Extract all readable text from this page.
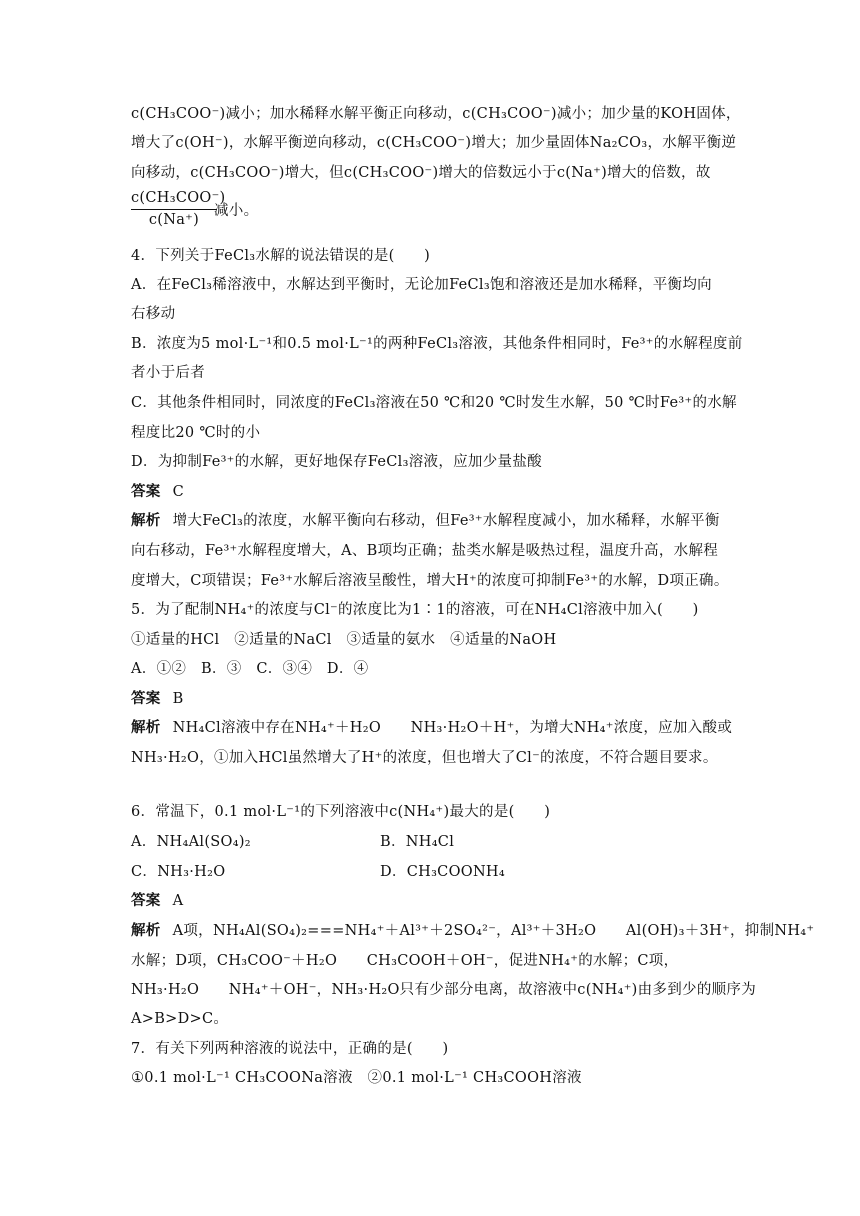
c(CH₃COO⁻)减小；加水稀释水解平衡正向移动，c(CH₃COO⁻)减小；加少量的KOH固体，
增大了c(OH⁻)，水解平衡逆向移动，c(CH₃COO⁻)增大；加少量固体Na₂CO₃，水解平衡逆
向移动，c(CH₃COO⁻)增大，但c(CH₃COO⁻)增大的倍数远小于c(Na⁺)增大的倍数，故
c(CH₃COO⁻)
c(Na⁺)
减小。
4．下列关于FeCl₃水解的说法错误的是(　　)
A．在FeCl₃稀溶液中，水解达到平衡时，无论加FeCl₃饱和溶液还是加水稀释，平衡均向
右移动
B．浓度为5 mol·L⁻¹和0.5 mol·L⁻¹的两种FeCl₃溶液，其他条件相同时，Fe³⁺的水解程度前
者小于后者
C．其他条件相同时，同浓度的FeCl₃溶液在50 ℃和20 ℃时发生水解，50 ℃时Fe³⁺的水解
程度比20 ℃时的小
D．为抑制Fe³⁺的水解，更好地保存FeCl₃溶液，应加少量盐酸
答案 C
解析 增大FeCl₃的浓度，水解平衡向右移动，但Fe³⁺水解程度减小，加水稀释，水解平衡
向右移动，Fe³⁺水解程度增大，A、B项均正确；盐类水解是吸热过程，温度升高，水解程
度增大，C项错误；Fe³⁺水解后溶液呈酸性，增大H⁺的浓度可抑制Fe³⁺的水解，D项正确。
5．为了配制NH₄⁺的浓度与Cl⁻的浓度比为1∶1的溶液，可在NH₄Cl溶液中加入(　　)
①适量的HCl　②适量的NaCl　③适量的氨水　④适量的NaOH
A．①②　B．③　C．③④　D．④
答案 B
解析 NH₄Cl溶液中存在NH₄⁺＋H₂O　　NH₃·H₂O＋H⁺，为增大NH₄⁺浓度，应加入酸或
NH₃·H₂O，①加入HCl虽然增大了H⁺的浓度，但也增大了Cl⁻的浓度，不符合题目要求。
6．常温下，0.1 mol·L⁻¹的下列溶液中c(NH₄⁺)最大的是(　　)
A．NH₄Al(SO₄)₂	B．NH₄Cl
C．NH₃·H₂O	D．CH₃COONH₄
答案 A
解析 A项，NH₄Al(SO₄)₂===NH₄⁺＋Al³⁺＋2SO₄²⁻，Al³⁺＋3H₂O　　Al(OH)₃＋3H⁺，抑制NH₄⁺
水解；D项，CH₃COO⁻＋H₂O　　CH₃COOH＋OH⁻，促进NH₄⁺的水解；C项，
NH₃·H₂O　　NH₄⁺＋OH⁻，NH₃·H₂O只有少部分电离，故溶液中c(NH₄⁺)由多到少的顺序为
A>B>D>C。
7．有关下列两种溶液的说法中，正确的是(　　)
①0.1 mol·L⁻¹ CH₃COONa溶液　②0.1 mol·L⁻¹ CH₃COOH溶液
